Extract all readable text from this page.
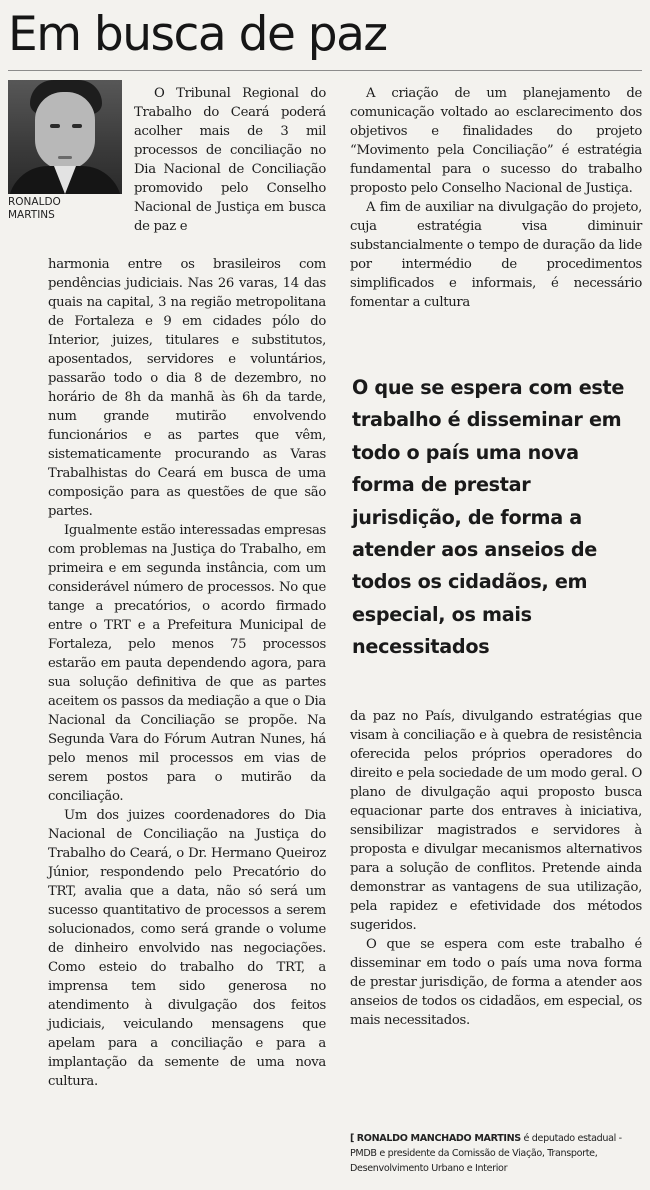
Em busca de paz
RONALDO
MARTINS

O Tribunal Regional do Trabalho do Ceará poderá acolher mais de 3 mil processos de conciliação no Dia Nacional de Conciliação promovido pelo Conselho Nacional de Justiça em busca de paz e

harmonia entre os brasileiros com pendências judiciais. Nas 26 varas, 14 das quais na capital, 3 na região metropolitana de Fortaleza e 9 em cidades pólo do Interior, juizes, titulares e substitutos, aposentados, servidores e voluntários, passarão todo o dia 8 de dezembro, no horário de 8h da manhã às 6h da tarde, num grande mutirão envolvendo funcionários e as partes que vêm, sistematicamente procurando as Varas Trabalhistas do Ceará em busca de uma composição para as questões de que são partes.

Igualmente estão interessadas empresas com problemas na Justiça do Trabalho, em primeira e em segunda instância, com um considerável número de processos. No que tange a precatórios, o acordo firmado entre o TRT e a Prefeitura Municipal de Fortaleza, pelo menos 75 processos estarão em pauta dependendo agora, para sua solução definitiva de que as partes aceitem os passos da mediação a que o Dia Nacional da Conciliação se propõe. Na Segunda Vara do Fórum Autran Nunes, há pelo menos mil processos em vias de serem postos para o mutirão da conciliação.

Um dos juizes coordenadores do Dia Nacional de Conciliação na Justiça do Trabalho do Ceará, o Dr. Hermano Queiroz Júnior, respondendo pelo Precatório do TRT, avalia que a data, não só será um sucesso quantitativo de processos a serem solucionados, como será grande o volume de dinheiro envolvido nas negociações. Como esteio do trabalho do TRT, a imprensa tem sido generosa no atendimento à divulgação dos feitos judiciais, veiculando mensagens que apelam para a conciliação e para a implantação da semente de uma nova cultura.

A criação de um planejamento de comunicação voltado ao esclarecimento dos objetivos e finalidades do projeto “Movimento pela Conciliação” é estratégia fundamental para o sucesso do trabalho proposto pelo Conselho Nacional de Justiça.

A fim de auxiliar na divulgação do projeto, cuja estratégia visa diminuir substancialmente o tempo de duração da lide por intermédio de procedimentos simplificados e informais, é necessário fomentar a cultura

O que se espera com este trabalho é disseminar em todo o país uma nova forma de prestar jurisdição, de forma a atender aos anseios de todos os cidadãos, em especial, os mais necessitados

da paz no País, divulgando estratégias que visam à conciliação e à quebra de resistência oferecida pelos próprios operadores do direito e pela sociedade de um modo geral. O plano de divulgação aqui proposto busca equacionar parte dos entraves à iniciativa, sensibilizar magistrados e servidores à proposta e divulgar mecanismos alternativos para a solução de conflitos. Pretende ainda demonstrar as vantagens de sua utilização, pela rapidez e efetividade dos métodos sugeridos.

O que se espera com este trabalho é disseminar em todo o país uma nova forma de prestar jurisdição, de forma a atender aos anseios de todos os cidadãos, em especial, os mais necessitados.

[ RONALDO MANCHADO MARTINS é deputado estadual - PMDB e presidente da Comissão de Viação, Transporte, Desenvolvimento Urbano e Interior
